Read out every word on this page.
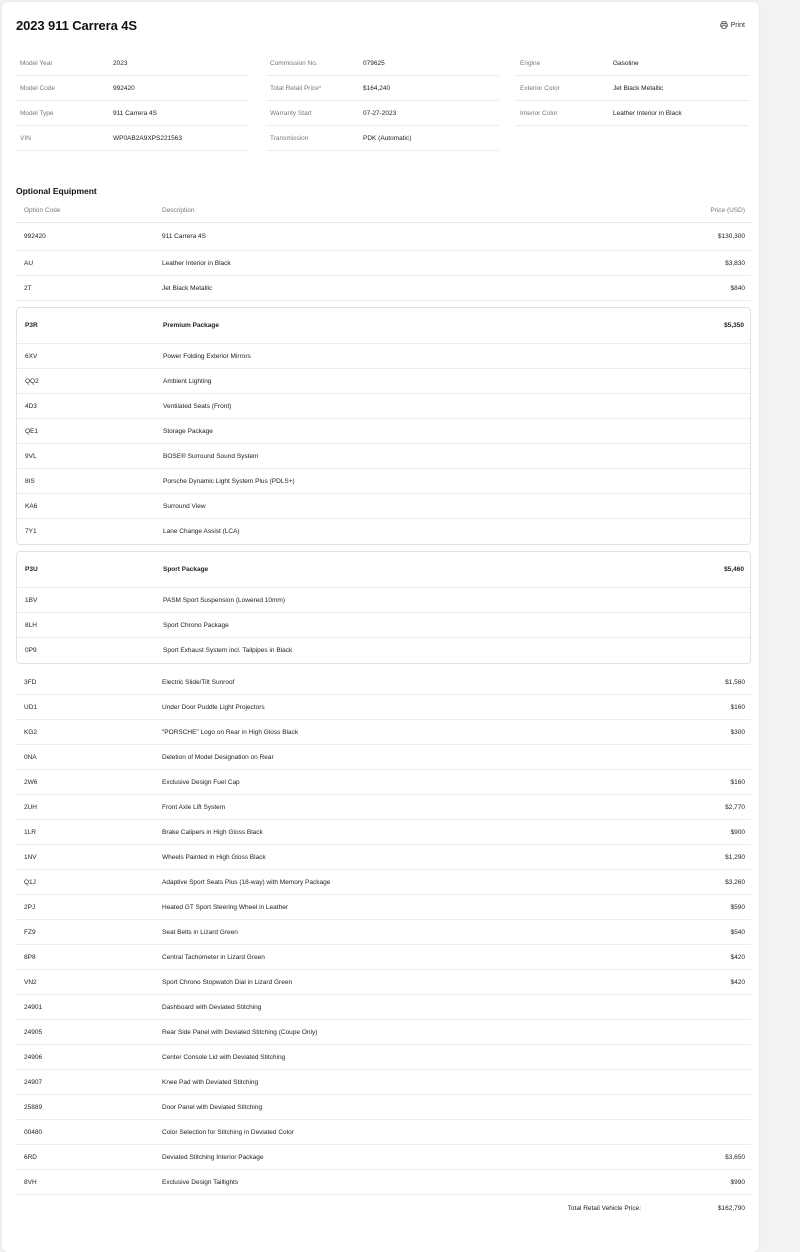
2023 911 Carrera 4S	Print
Model Year	2023
Model Code	992420
Model Type	911 Carrera 4S
VIN	WP0AB2A9XPS221563
Commission No.	079625
Total Retail Price*	$164,240
Warranty Start	07-27-2023
Transmission	PDK (Automatic)
Engine	Gasoline
Exterior Color	Jet Black Metallic
Interior Color	Leather Interior in Black
Optional Equipment
Option Code	Description	Price (USD)
992420	911 Carrera 4S	$130,300
AU	Leather Interior in Black	$3,830
2T	Jet Black Metallic	$840
P3R	Premium Package	$5,350
6XV	Power Folding Exterior Mirrors
QQ2	Ambient Lighting
4D3	Ventilated Seats (Front)
QE1	Storage Package
9VL	BOSE® Surround Sound System
8IS	Porsche Dynamic Light System Plus (PDLS+)
KA6	Surround View
7Y1	Lane Change Assist (LCA)
P3U	Sport Package	$5,460
1BV	PASM Sport Suspension (Lowered 10mm)
8LH	Sport Chrono Package
0P9	Sport Exhaust System incl. Tailpipes in Black
3FD	Electric Slide/Tilt Sunroof	$1,560
UD1	Under Door Puddle Light Projectors	$160
KG2	"PORSCHE" Logo on Rear in High Gloss Black	$300
0NA	Deletion of Model Designation on Rear
2W6	Exclusive Design Fuel Cap	$160
2UH	Front Axle Lift System	$2,770
1LR	Brake Calipers in High Gloss Black	$900
1NV	Wheels Painted in High Gloss Black	$1,290
Q1J	Adaptive Sport Seats Plus (18-way) with Memory Package	$3,260
2PJ	Heated GT Sport Steering Wheel in Leather	$590
FZ9	Seat Belts in Lizard Green	$540
8P8	Central Tachometer in Lizard Green	$420
VN2	Sport Chrono Stopwatch Dial in Lizard Green	$420
24901	Dashboard with Deviated Stitching
24905	Rear Side Panel with Deviated Stitching (Coupe Only)
24906	Center Console Lid with Deviated Stitching
24907	Knee Pad with Deviated Stitching
25889	Door Panel with Deviated Stitching
00480	Color Selection for Stitching in Deviated Color
6RD	Deviated Stitching Interior Package	$3,650
8VH	Exclusive Design Taillights	$990
Total Retail Vehicle Price:	$162,790
